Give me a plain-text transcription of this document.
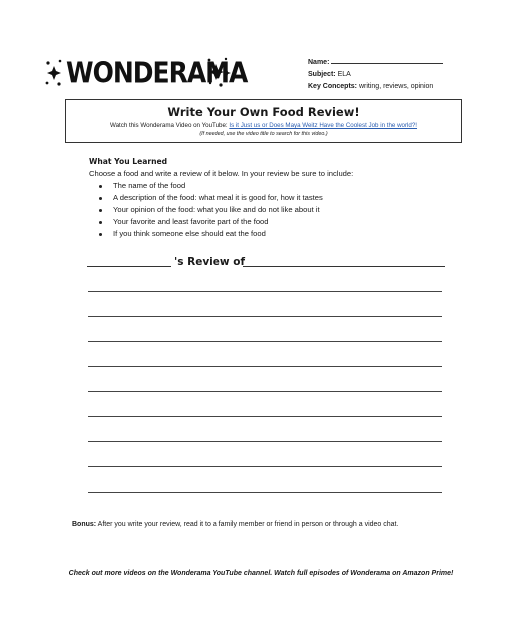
WONDERAMA	Name:
Subject: ELA
Key Concepts: writing, reviews, opinion
Write Your Own Food Review!
Watch this Wonderama Video on YouTube: Is it Just us or Does Maya Weitz Have the Coolest Job in the world?!
(If needed, use the video title to search for this video.)
What You Learned
Choose a food and write a review of it below. In your review be sure to include:
The name of the food
A description of the food: what meal it is good for, how it tastes
Your opinion of the food: what you like and do not like about it
Your favorite and least favorite part of the food
If you think someone else should eat the food
's Review of
Bonus: After you write your review, read it to a family member or friend in person or through a video chat.
Check out more videos on the Wonderama YouTube channel. Watch full episodes of Wonderama on Amazon Prime!
